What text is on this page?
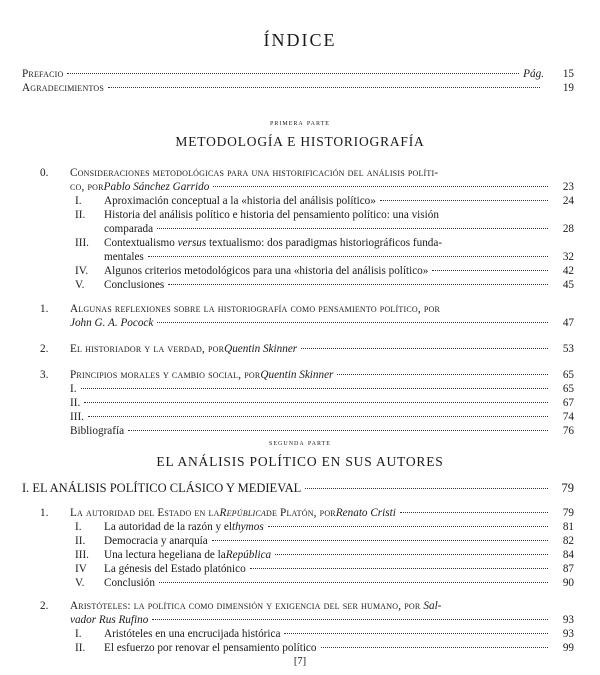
ÍNDICE
Prefacio	Pág.	15
Agradecimientos	19
primera parte
METODOLOGÍA E HISTORIOGRAFÍA
0. Consideraciones metodológicas para una historificación del análisis políti-
co, por Pablo Sánchez Garrido	23
I. Aproximación conceptual a la «historia del análisis político»	24
II. Historia del análisis político e historia del pensamiento político: una visión
comparada	28
III. Contextualismo versus textualismo: dos paradigmas historiográficos funda-
mentales	32
IV. Algunos criterios metodológicos para una «historia del análisis político»	42
V. Conclusiones	45
1. Algunas reflexiones sobre la historiografía como pensamiento político, por
John G. A. Pocock	47
2. El historiador y la verdad, por Quentin Skinner	53
3. Principios morales y cambio social, por Quentin Skinner	65
I.	65
II.	67
III.	74
Bibliografía	76
segunda parte
EL ANÁLISIS POLÍTICO EN SUS AUTORES
I. EL ANÁLISIS POLÍTICO CLÁSICO Y MEDIEVAL	79
1. La autoridad del Estado en la República de Platón, por Renato Cristi	79
I. La autoridad de la razón y el thymos	81
II. Democracia y anarquía	82
III. Una lectura hegeliana de la República	84
IV La génesis del Estado platónico	87
V. Conclusión	90
2. Aristóteles: la política como dimensión y exigencia del ser humano, por Sal-
vador Rus Rufino	93
I. Aristóteles en una encrucijada histórica	93
II. El esfuerzo por renovar el pensamiento político	99
[7]
